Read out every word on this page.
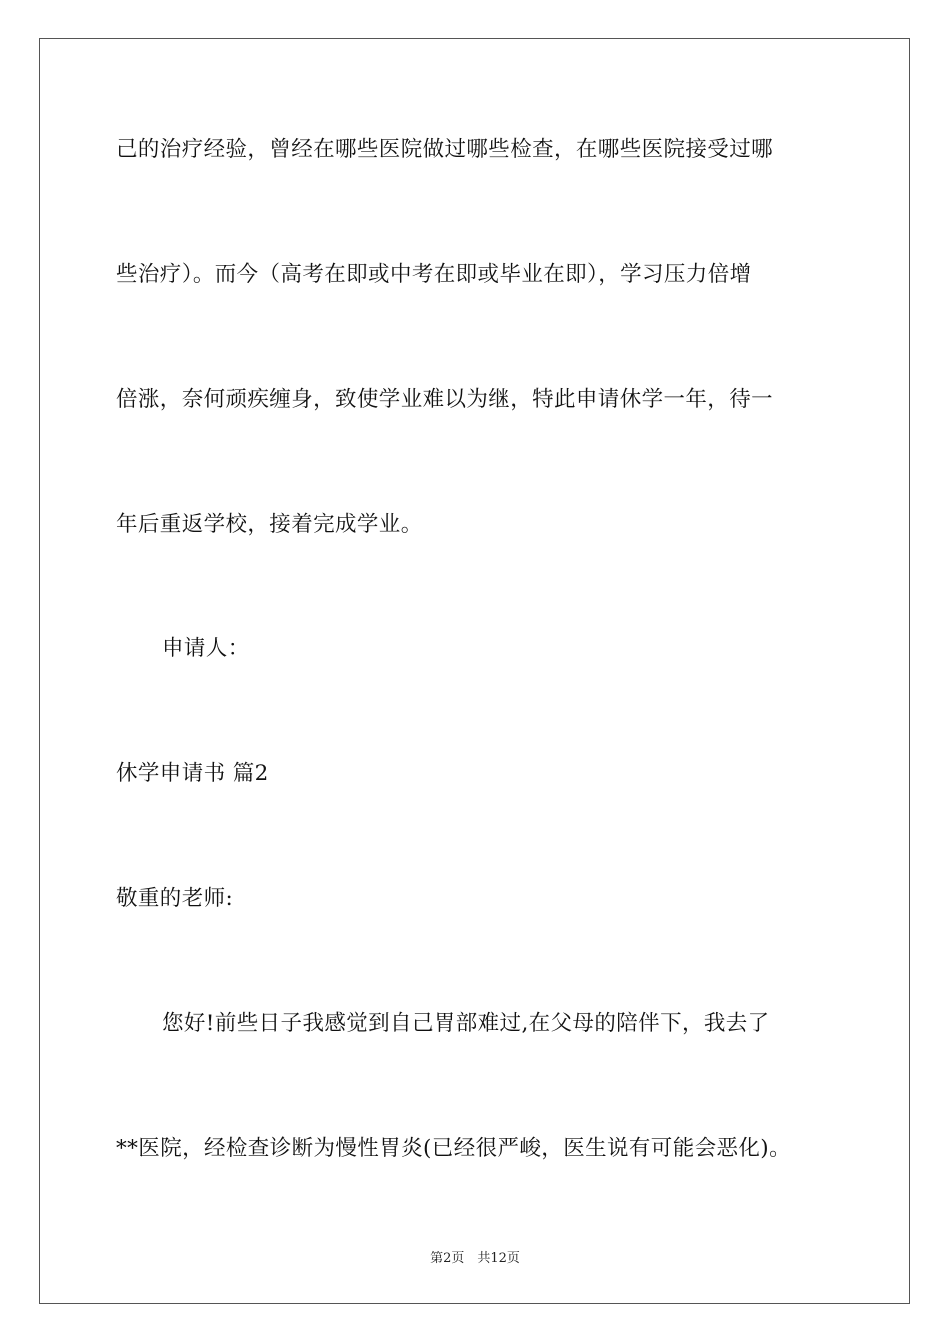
己的治疗经验，曾经在哪些医院做过哪些检查，在哪些医院接受过哪
些治疗）。而今（高考在即或中考在即或毕业在即），学习压力倍增
倍涨，奈何顽疾缠身，致使学业难以为继，特此申请休学一年，待一
年后重返学校，接着完成学业。
申请人：
休学申请书 篇2
敬重的老师:
您好!前些日子我感觉到自己胃部难过,在父母的陪伴下，我去了
**医院，经检查诊断为慢性胃炎(已经很严峻，医生说有可能会恶化)。
第2页　共12页
